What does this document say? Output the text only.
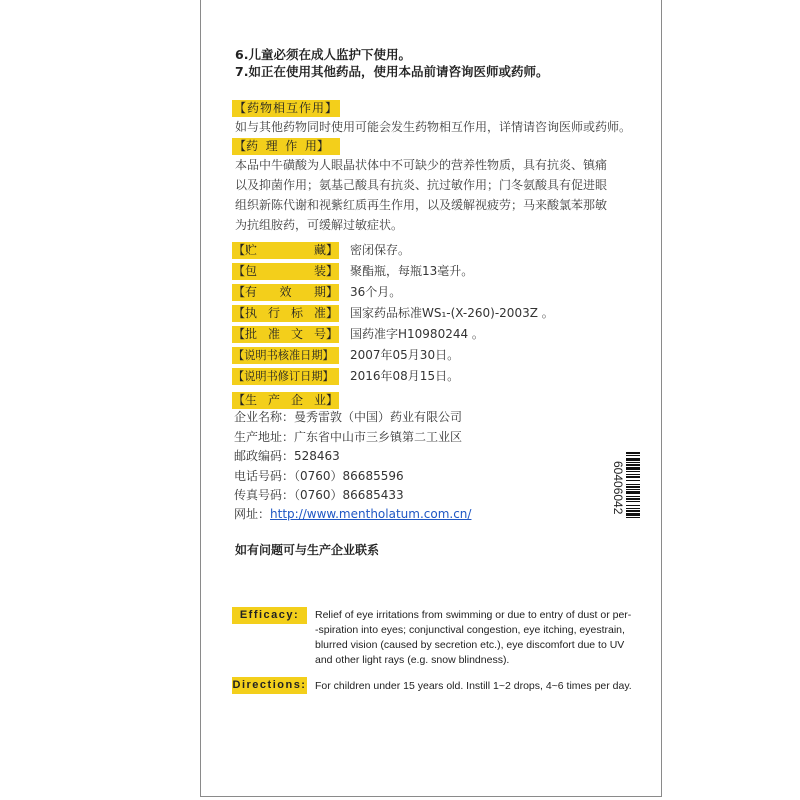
6.儿童必须在成人监护下使用。
7.如正在使用其他药品，使用本品前请咨询医师或药师。
【药物相互作用】
如与其他药物同时使用可能会发生药物相互作用，详情请咨询医师或药师。
【药  理  作  用】
本品中牛磺酸为人眼晶状体中不可缺少的营养性物质，具有抗炎、镇痛
以及抑菌作用；氨基己酸具有抗炎、抗过敏作用；门冬氨酸具有促进眼
组织新陈代谢和视紫红质再生作用，以及缓解视疲劳；马来酸氯苯那敏
为抗组胺药，可缓解过敏症状。
【贮	藏】 密闭保存。
【包	装】 聚酯瓶，每瓶13毫升。
【有 效 期】 36个月。
【执 行 标 准】 国家药品标准WS₁-(X-260)-2003Z 。
【批 准 文 号】 国药准字H10980244 。
【说明书核准日期】 2007年05月30日。
【说明书修订日期】 2016年08月15日。
【生 产 企 业】
企业名称：曼秀雷敦（中国）药业有限公司
生产地址：广东省中山市三乡镇第二工业区
邮政编码：528463
电话号码：（0760）86685596
传真号码：（0760）86685433
网址：http://www.mentholatum.com.cn/
如有问题可与生产企业联系
60406042
Efficacy:	Relief of eye irritations from swimming or due to entry of dust or per-
-spiration into eyes; conjunctival congestion, eye itching, eyestrain,
blurred vision (caused by secretion etc.), eye discomfort due to UV
and other light rays (e.g. snow blindness).
Directions: For children under 15 years old. Instill 1~2 drops, 4~6 times per day.
